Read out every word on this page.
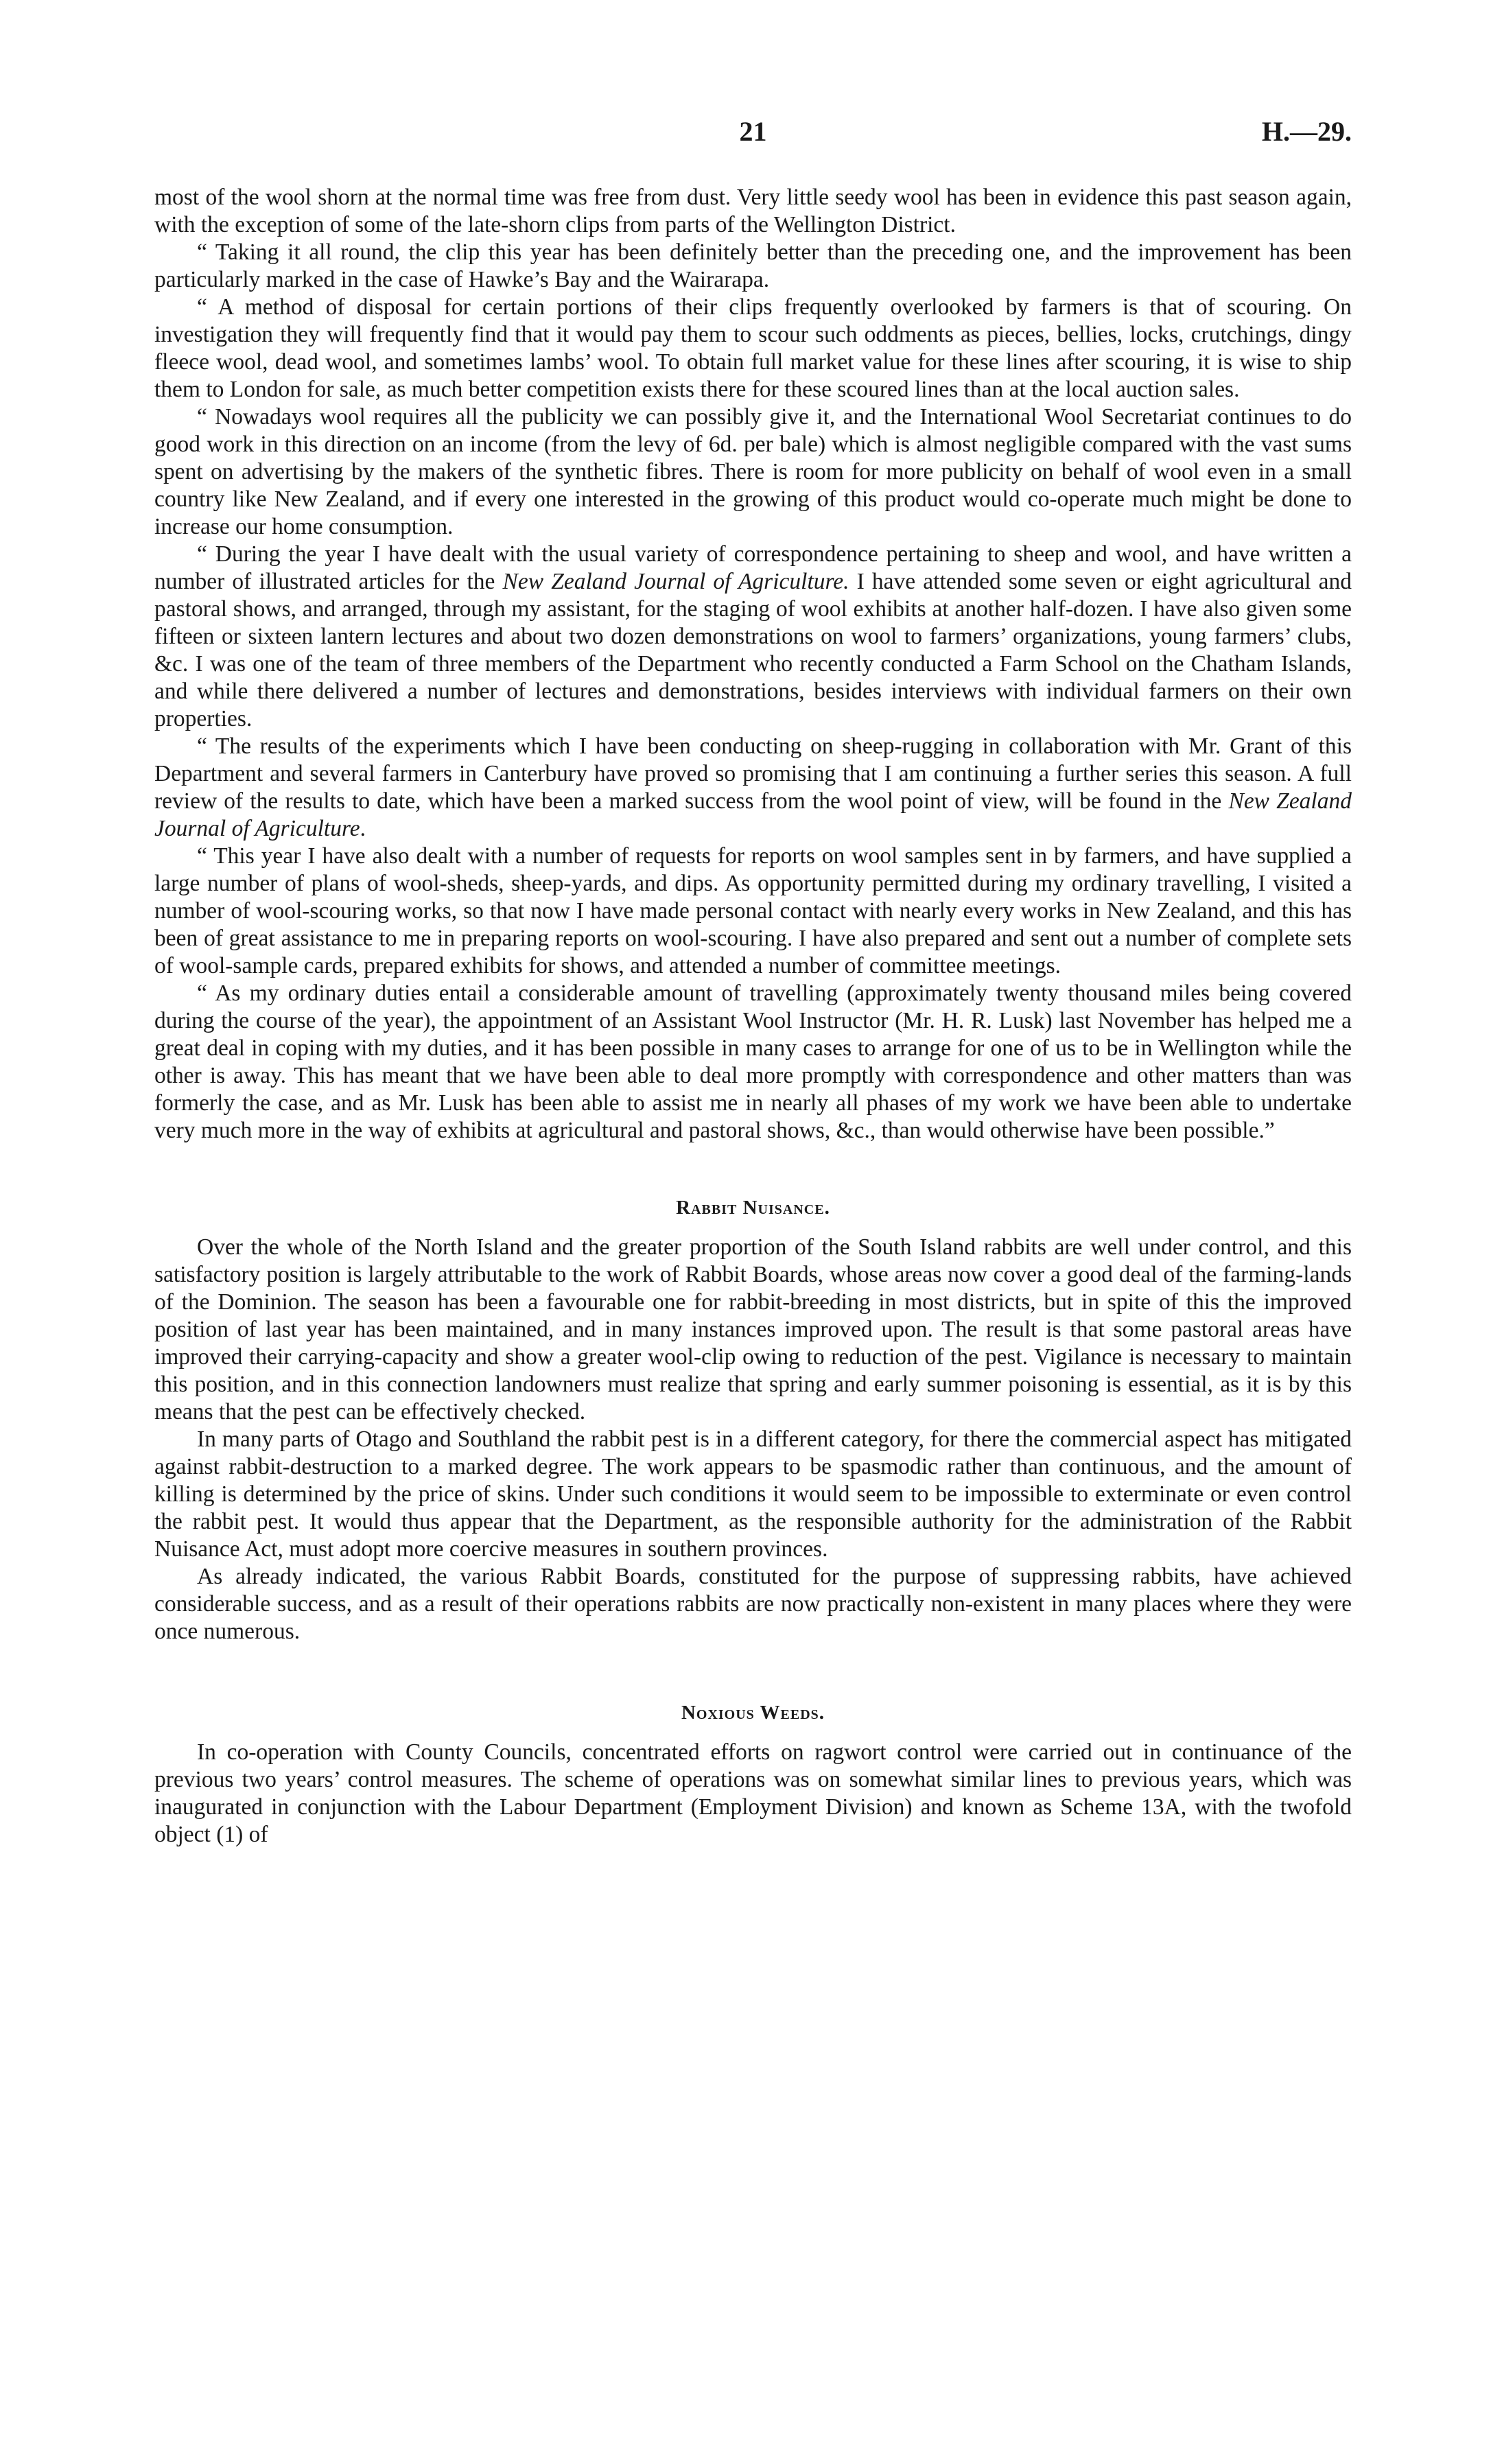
21	H.—29.

most of the wool shorn at the normal time was free from dust. Very little seedy wool has been in evidence this past season again, with the exception of some of the late-shorn clips from parts of the Wellington District.

“ Taking it all round, the clip this year has been definitely better than the preceding one, and the improvement has been particularly marked in the case of Hawke’s Bay and the Wairarapa.

“ A method of disposal for certain portions of their clips frequently overlooked by farmers is that of scouring. On investigation they will frequently find that it would pay them to scour such oddments as pieces, bellies, locks, crutchings, dingy fleece wool, dead wool, and sometimes lambs’ wool. To obtain full market value for these lines after scouring, it is wise to ship them to London for sale, as much better competition exists there for these scoured lines than at the local auction sales.

“ Nowadays wool requires all the publicity we can possibly give it, and the International Wool Secretariat continues to do good work in this direction on an income (from the levy of 6d. per bale) which is almost negligible compared with the vast sums spent on advertising by the makers of the synthetic fibres. There is room for more publicity on behalf of wool even in a small country like New Zealand, and if every one interested in the growing of this product would co-operate much might be done to increase our home consumption.

“ During the year I have dealt with the usual variety of correspondence pertaining to sheep and wool, and have written a number of illustrated articles for the New Zealand Journal of Agriculture. I have attended some seven or eight agricultural and pastoral shows, and arranged, through my assistant, for the staging of wool exhibits at another half-dozen. I have also given some fifteen or sixteen lantern lectures and about two dozen demonstrations on wool to farmers’ organizations, young farmers’ clubs, &c. I was one of the team of three members of the Department who recently conducted a Farm School on the Chatham Islands, and while there delivered a number of lectures and demonstrations, besides interviews with individual farmers on their own properties.

“ The results of the experiments which I have been conducting on sheep-rugging in collaboration with Mr. Grant of this Department and several farmers in Canterbury have proved so promising that I am continuing a further series this season. A full review of the results to date, which have been a marked success from the wool point of view, will be found in the New Zealand Journal of Agriculture.

“ This year I have also dealt with a number of requests for reports on wool samples sent in by farmers, and have supplied a large number of plans of wool-sheds, sheep-yards, and dips. As opportunity permitted during my ordinary travelling, I visited a number of wool-scouring works, so that now I have made personal contact with nearly every works in New Zealand, and this has been of great assistance to me in preparing reports on wool-scouring. I have also prepared and sent out a number of complete sets of wool-sample cards, prepared exhibits for shows, and attended a number of committee meetings.

“ As my ordinary duties entail a considerable amount of travelling (approximately twenty thousand miles being covered during the course of the year), the appointment of an Assistant Wool Instructor (Mr. H. R. Lusk) last November has helped me a great deal in coping with my duties, and it has been possible in many cases to arrange for one of us to be in Wellington while the other is away. This has meant that we have been able to deal more promptly with correspondence and other matters than was formerly the case, and as Mr. Lusk has been able to assist me in nearly all phases of my work we have been able to undertake very much more in the way of exhibits at agricultural and pastoral shows, &c., than would otherwise have been possible.”

Rabbit Nuisance.

Over the whole of the North Island and the greater proportion of the South Island rabbits are well under control, and this satisfactory position is largely attributable to the work of Rabbit Boards, whose areas now cover a good deal of the farming-lands of the Dominion. The season has been a favourable one for rabbit-breeding in most districts, but in spite of this the improved position of last year has been maintained, and in many instances improved upon. The result is that some pastoral areas have improved their carrying-capacity and show a greater wool-clip owing to reduction of the pest. Vigilance is necessary to maintain this position, and in this connection landowners must realize that spring and early summer poisoning is essential, as it is by this means that the pest can be effectively checked.

In many parts of Otago and Southland the rabbit pest is in a different category, for there the commercial aspect has mitigated against rabbit-destruction to a marked degree. The work appears to be spasmodic rather than continuous, and the amount of killing is determined by the price of skins. Under such conditions it would seem to be impossible to exterminate or even control the rabbit pest. It would thus appear that the Department, as the responsible authority for the administration of the Rabbit Nuisance Act, must adopt more coercive measures in southern provinces.

As already indicated, the various Rabbit Boards, constituted for the purpose of suppressing rabbits, have achieved considerable success, and as a result of their operations rabbits are now practically non-existent in many places where they were once numerous.

Noxious Weeds.

In co-operation with County Councils, concentrated efforts on ragwort control were carried out in continuance of the previous two years’ control measures. The scheme of operations was on somewhat similar lines to previous years, which was inaugurated in conjunction with the Labour Department (Employment Division) and known as Scheme 13A, with the twofold object (1) of
